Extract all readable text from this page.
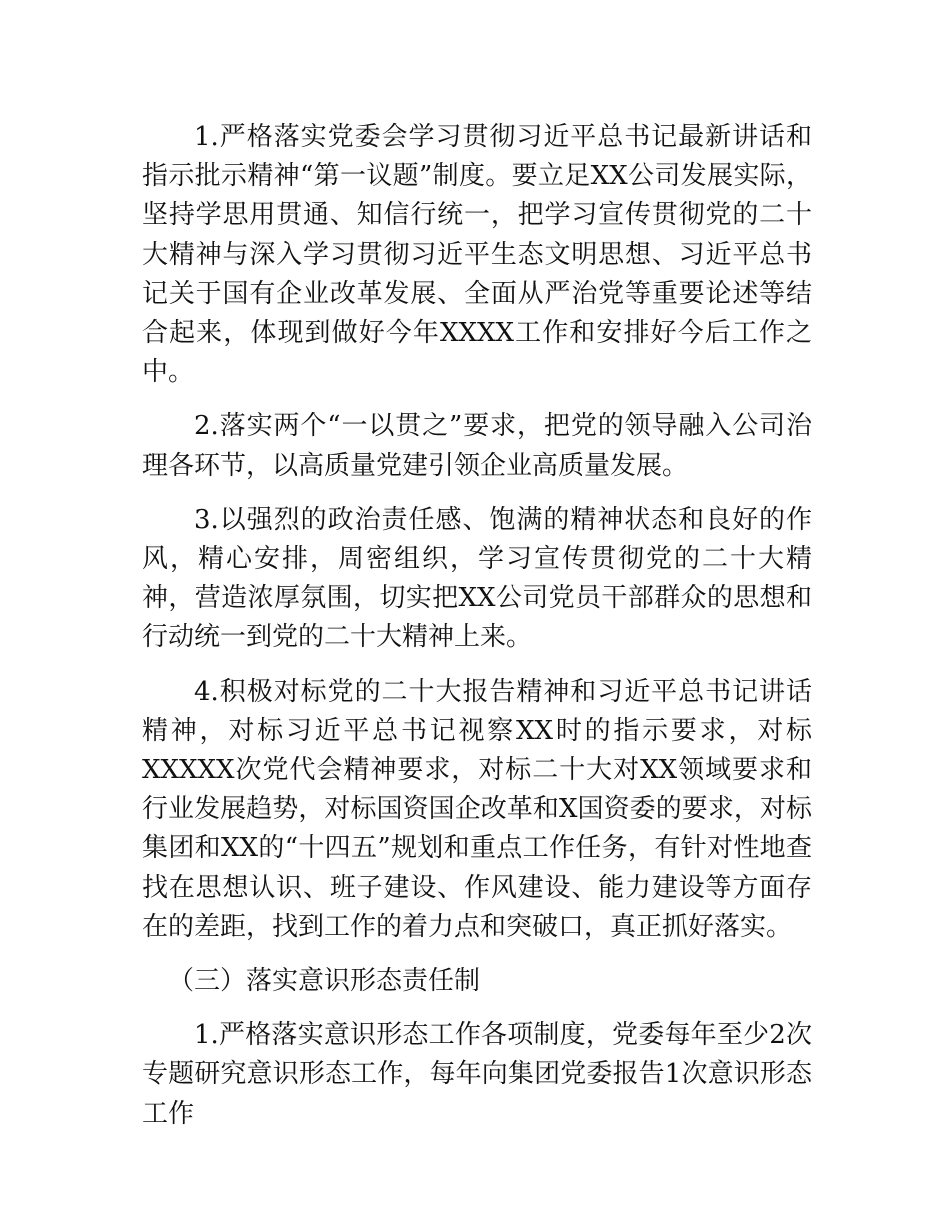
1.严格落实党委会学习贯彻习近平总书记最新讲话和指示批示精神“第一议题”制度。要立足XX公司发展实际，坚持学思用贯通、知信行统一，把学习宣传贯彻党的二十大精神与深入学习贯彻习近平生态文明思想、习近平总书记关于国有企业改革发展、全面从严治党等重要论述等结合起来，体现到做好今年XXXX工作和安排好今后工作之中。

2.落实两个“一以贯之”要求，把党的领导融入公司治理各环节，以高质量党建引领企业高质量发展。

3.以强烈的政治责任感、饱满的精神状态和良好的作风，精心安排，周密组织，学习宣传贯彻党的二十大精神，营造浓厚氛围，切实把XX公司党员干部群众的思想和行动统一到党的二十大精神上来。

4.积极对标党的二十大报告精神和习近平总书记讲话精神，对标习近平总书记视察XX时的指示要求，对标XXXXX次党代会精神要求，对标二十大对XX领域要求和行业发展趋势，对标国资国企改革和X国资委的要求，对标集团和XX的“十四五”规划和重点工作任务，有针对性地查找在思想认识、班子建设、作风建设、能力建设等方面存在的差距，找到工作的着力点和突破口，真正抓好落实。

（三）落实意识形态责任制

1.严格落实意识形态工作各项制度，党委每年至少2次专题研究意识形态工作，每年向集团党委报告1次意识形态工作
